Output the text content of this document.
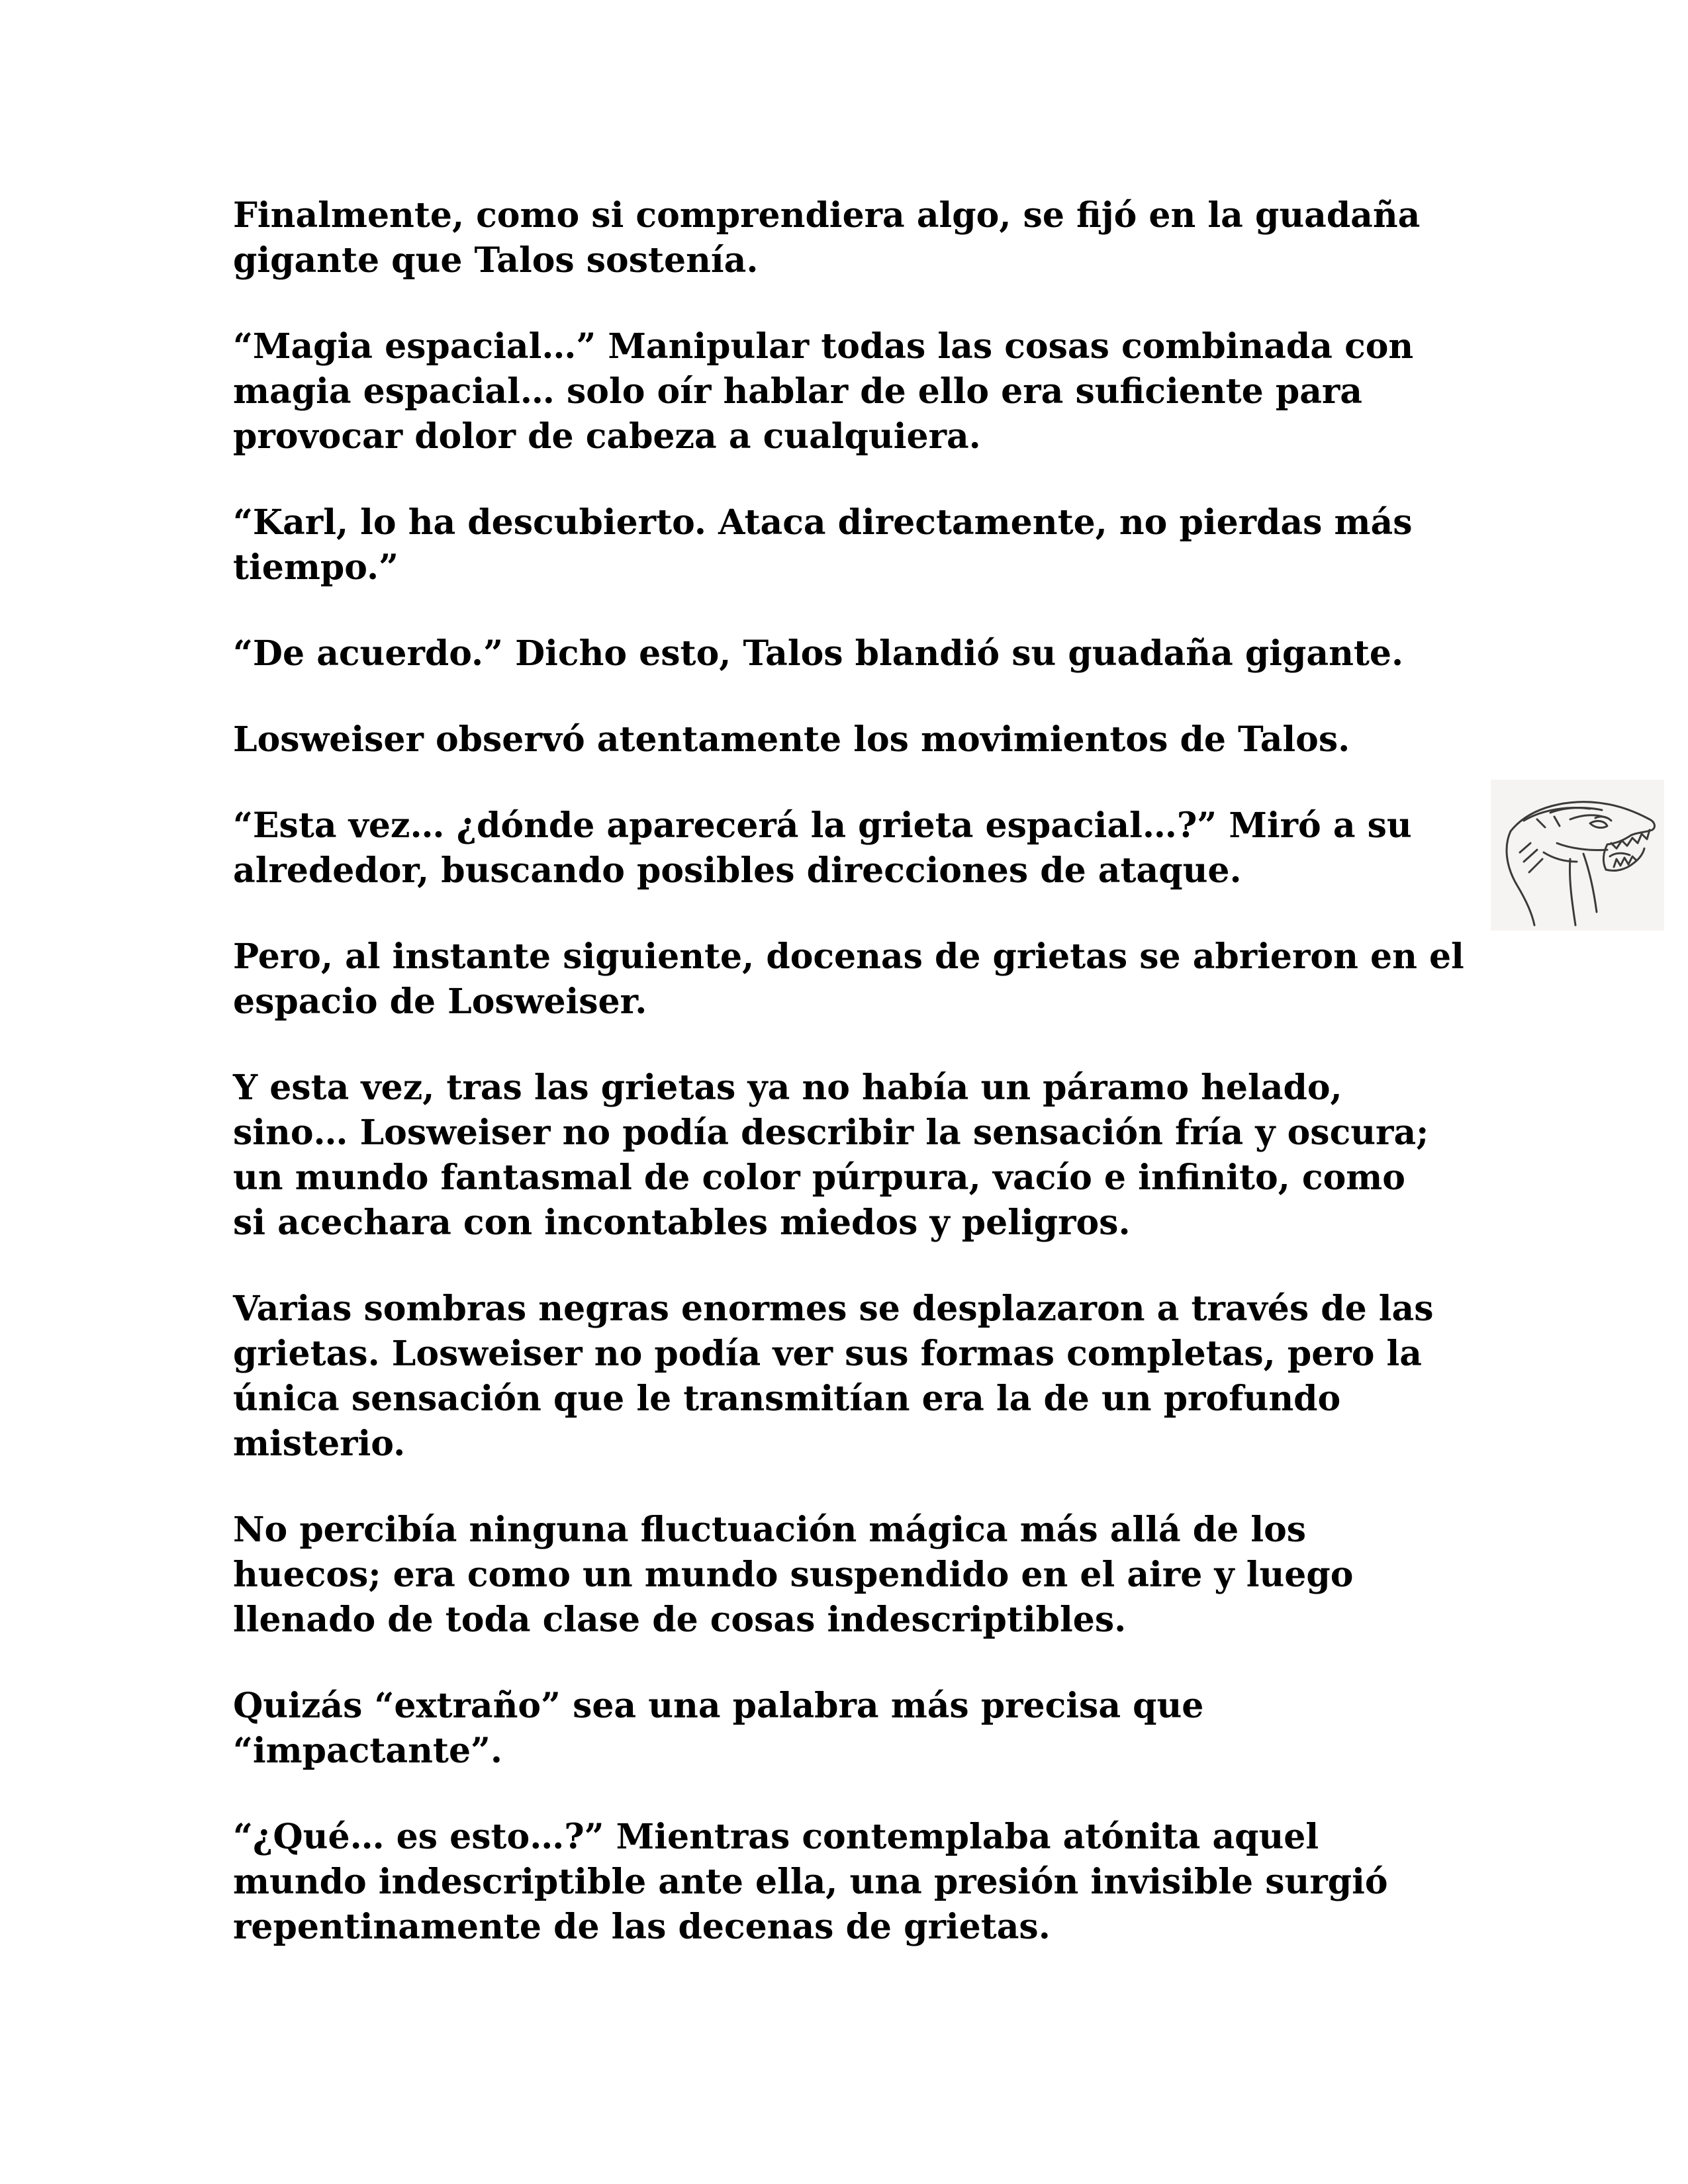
Finalmente, como si comprendiera algo, se fijó en la guadaña
gigante que Talos sostenía.

“Magia espacial…” Manipular todas las cosas combinada con
magia espacial… solo oír hablar de ello era suficiente para
provocar dolor de cabeza a cualquiera.

“Karl, lo ha descubierto. Ataca directamente, no pierdas más
tiempo.”

“De acuerdo.” Dicho esto, Talos blandió su guadaña gigante.

Losweiser observó atentamente los movimientos de Talos.

“Esta vez… ¿dónde aparecerá la grieta espacial…?” Miró a su
alrededor, buscando posibles direcciones de ataque.

Pero, al instante siguiente, docenas de grietas se abrieron en el
espacio de Losweiser.

Y esta vez, tras las grietas ya no había un páramo helado,
sino… Losweiser no podía describir la sensación fría y oscura;
un mundo fantasmal de color púrpura, vacío e infinito, como
si acechara con incontables miedos y peligros.

Varias sombras negras enormes se desplazaron a través de las
grietas. Losweiser no podía ver sus formas completas, pero la
única sensación que le transmitían era la de un profundo
misterio.

No percibía ninguna fluctuación mágica más allá de los
huecos; era como un mundo suspendido en el aire y luego
llenado de toda clase de cosas indescriptibles.

Quizás “extraño” sea una palabra más precisa que
“impactante”.

“¿Qué… es esto…?” Mientras contemplaba atónita aquel
mundo indescriptible ante ella, una presión invisible surgió
repentinamente de las decenas de grietas.
